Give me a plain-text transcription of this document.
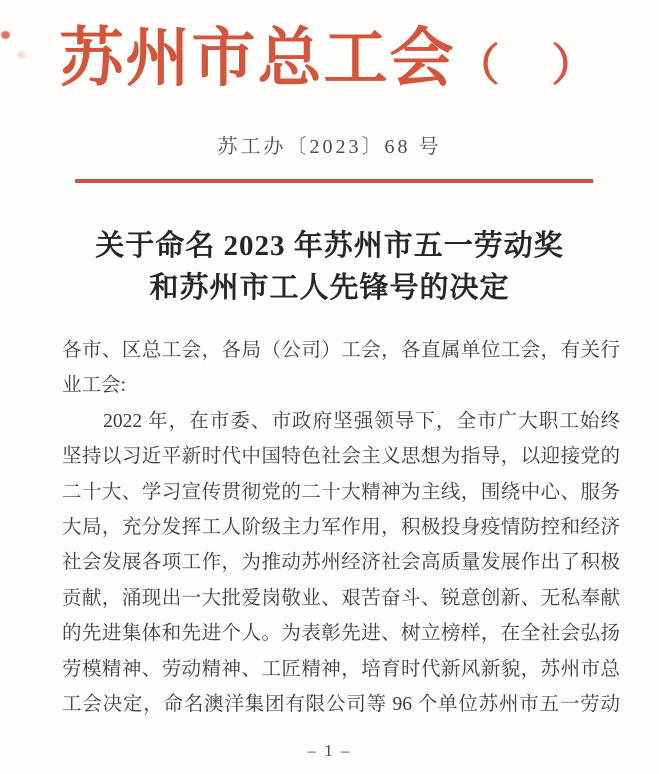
苏州市总工会（　）
苏工办〔2023〕68 号
关于命名 2023 年苏州市五一劳动奖
和苏州市工人先锋号的决定
各市、区总工会，各局（公司）工会，各直属单位工会，有关行
业工会:
　　2022 年，在市委、市政府坚强领导下，全市广大职工始终
坚持以习近平新时代中国特色社会主义思想为指导，以迎接党的
二十大、学习宣传贯彻党的二十大精神为主线，围绕中心、服务
大局，充分发挥工人阶级主力军作用，积极投身疫情防控和经济
社会发展各项工作，为推动苏州经济社会高质量发展作出了积极
贡献，涌现出一大批爱岗敬业、艰苦奋斗、锐意创新、无私奉献
的先进集体和先进个人。为表彰先进、树立榜样，在全社会弘扬
劳模精神、劳动精神、工匠精神，培育时代新风新貌，苏州市总
工会决定，命名澳洋集团有限公司等 96 个单位苏州市五一劳动
– 1 –
